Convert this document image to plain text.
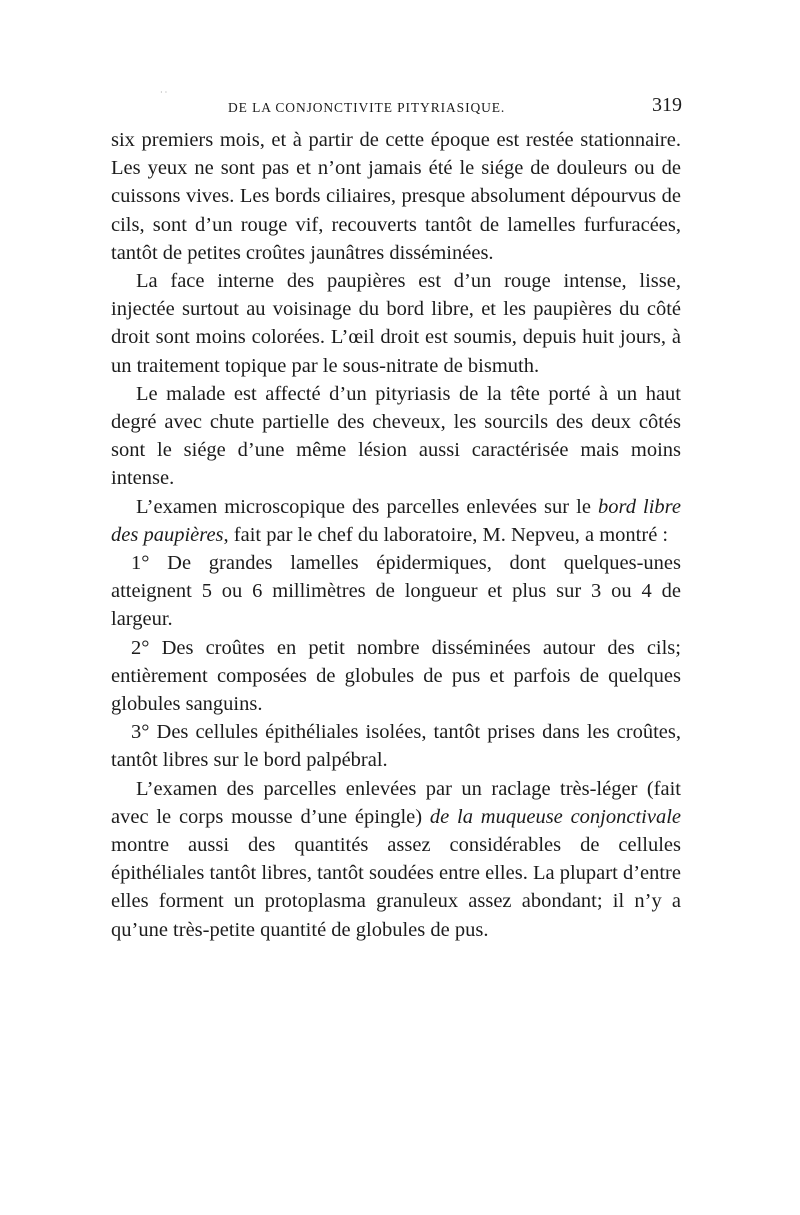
· ·
DE LA CONJONCTIVITE PITYRIASIQUE.	319

six premiers mois, et à partir de cette époque est restée stationnaire. Les yeux ne sont pas et n’ont jamais été le siége de douleurs ou de cuissons vives. Les bords ciliaires, presque absolument dépourvus de cils, sont d’un rouge vif, recouverts tantôt de lamelles furfuracées, tantôt de petites croûtes jaunâtres disséminées.

La face interne des paupières est d’un rouge intense, lisse, injectée surtout au voisinage du bord libre, et les paupières du côté droit sont moins colorées. L’œil droit est soumis, depuis huit jours, à un traitement topique par le sous-nitrate de bismuth.

Le malade est affecté d’un pityriasis de la tête porté à un haut degré avec chute partielle des cheveux, les sourcils des deux côtés sont le siége d’une même lésion aussi caractérisée mais moins intense.

L’examen microscopique des parcelles enlevées sur le bord libre des paupières, fait par le chef du laboratoire, M. Nepveu, a montré :

1° De grandes lamelles épidermiques, dont quelques-unes atteignent 5 ou 6 millimètres de longueur et plus sur 3 ou 4 de largeur.

2° Des croûtes en petit nombre disséminées autour des cils; entièrement composées de globules de pus et parfois de quelques globules sanguins.

3° Des cellules épithéliales isolées, tantôt prises dans les croûtes, tantôt libres sur le bord palpébral.

L’examen des parcelles enlevées par un raclage très-léger (fait avec le corps mousse d’une épingle) de la muqueuse conjonctivale montre aussi des quantités assez considérables de cellules épithéliales tantôt libres, tantôt soudées entre elles. La plupart d’entre elles forment un protoplasma granuleux assez abondant; il n’y a qu’une très-petite quantité de globules de pus.
